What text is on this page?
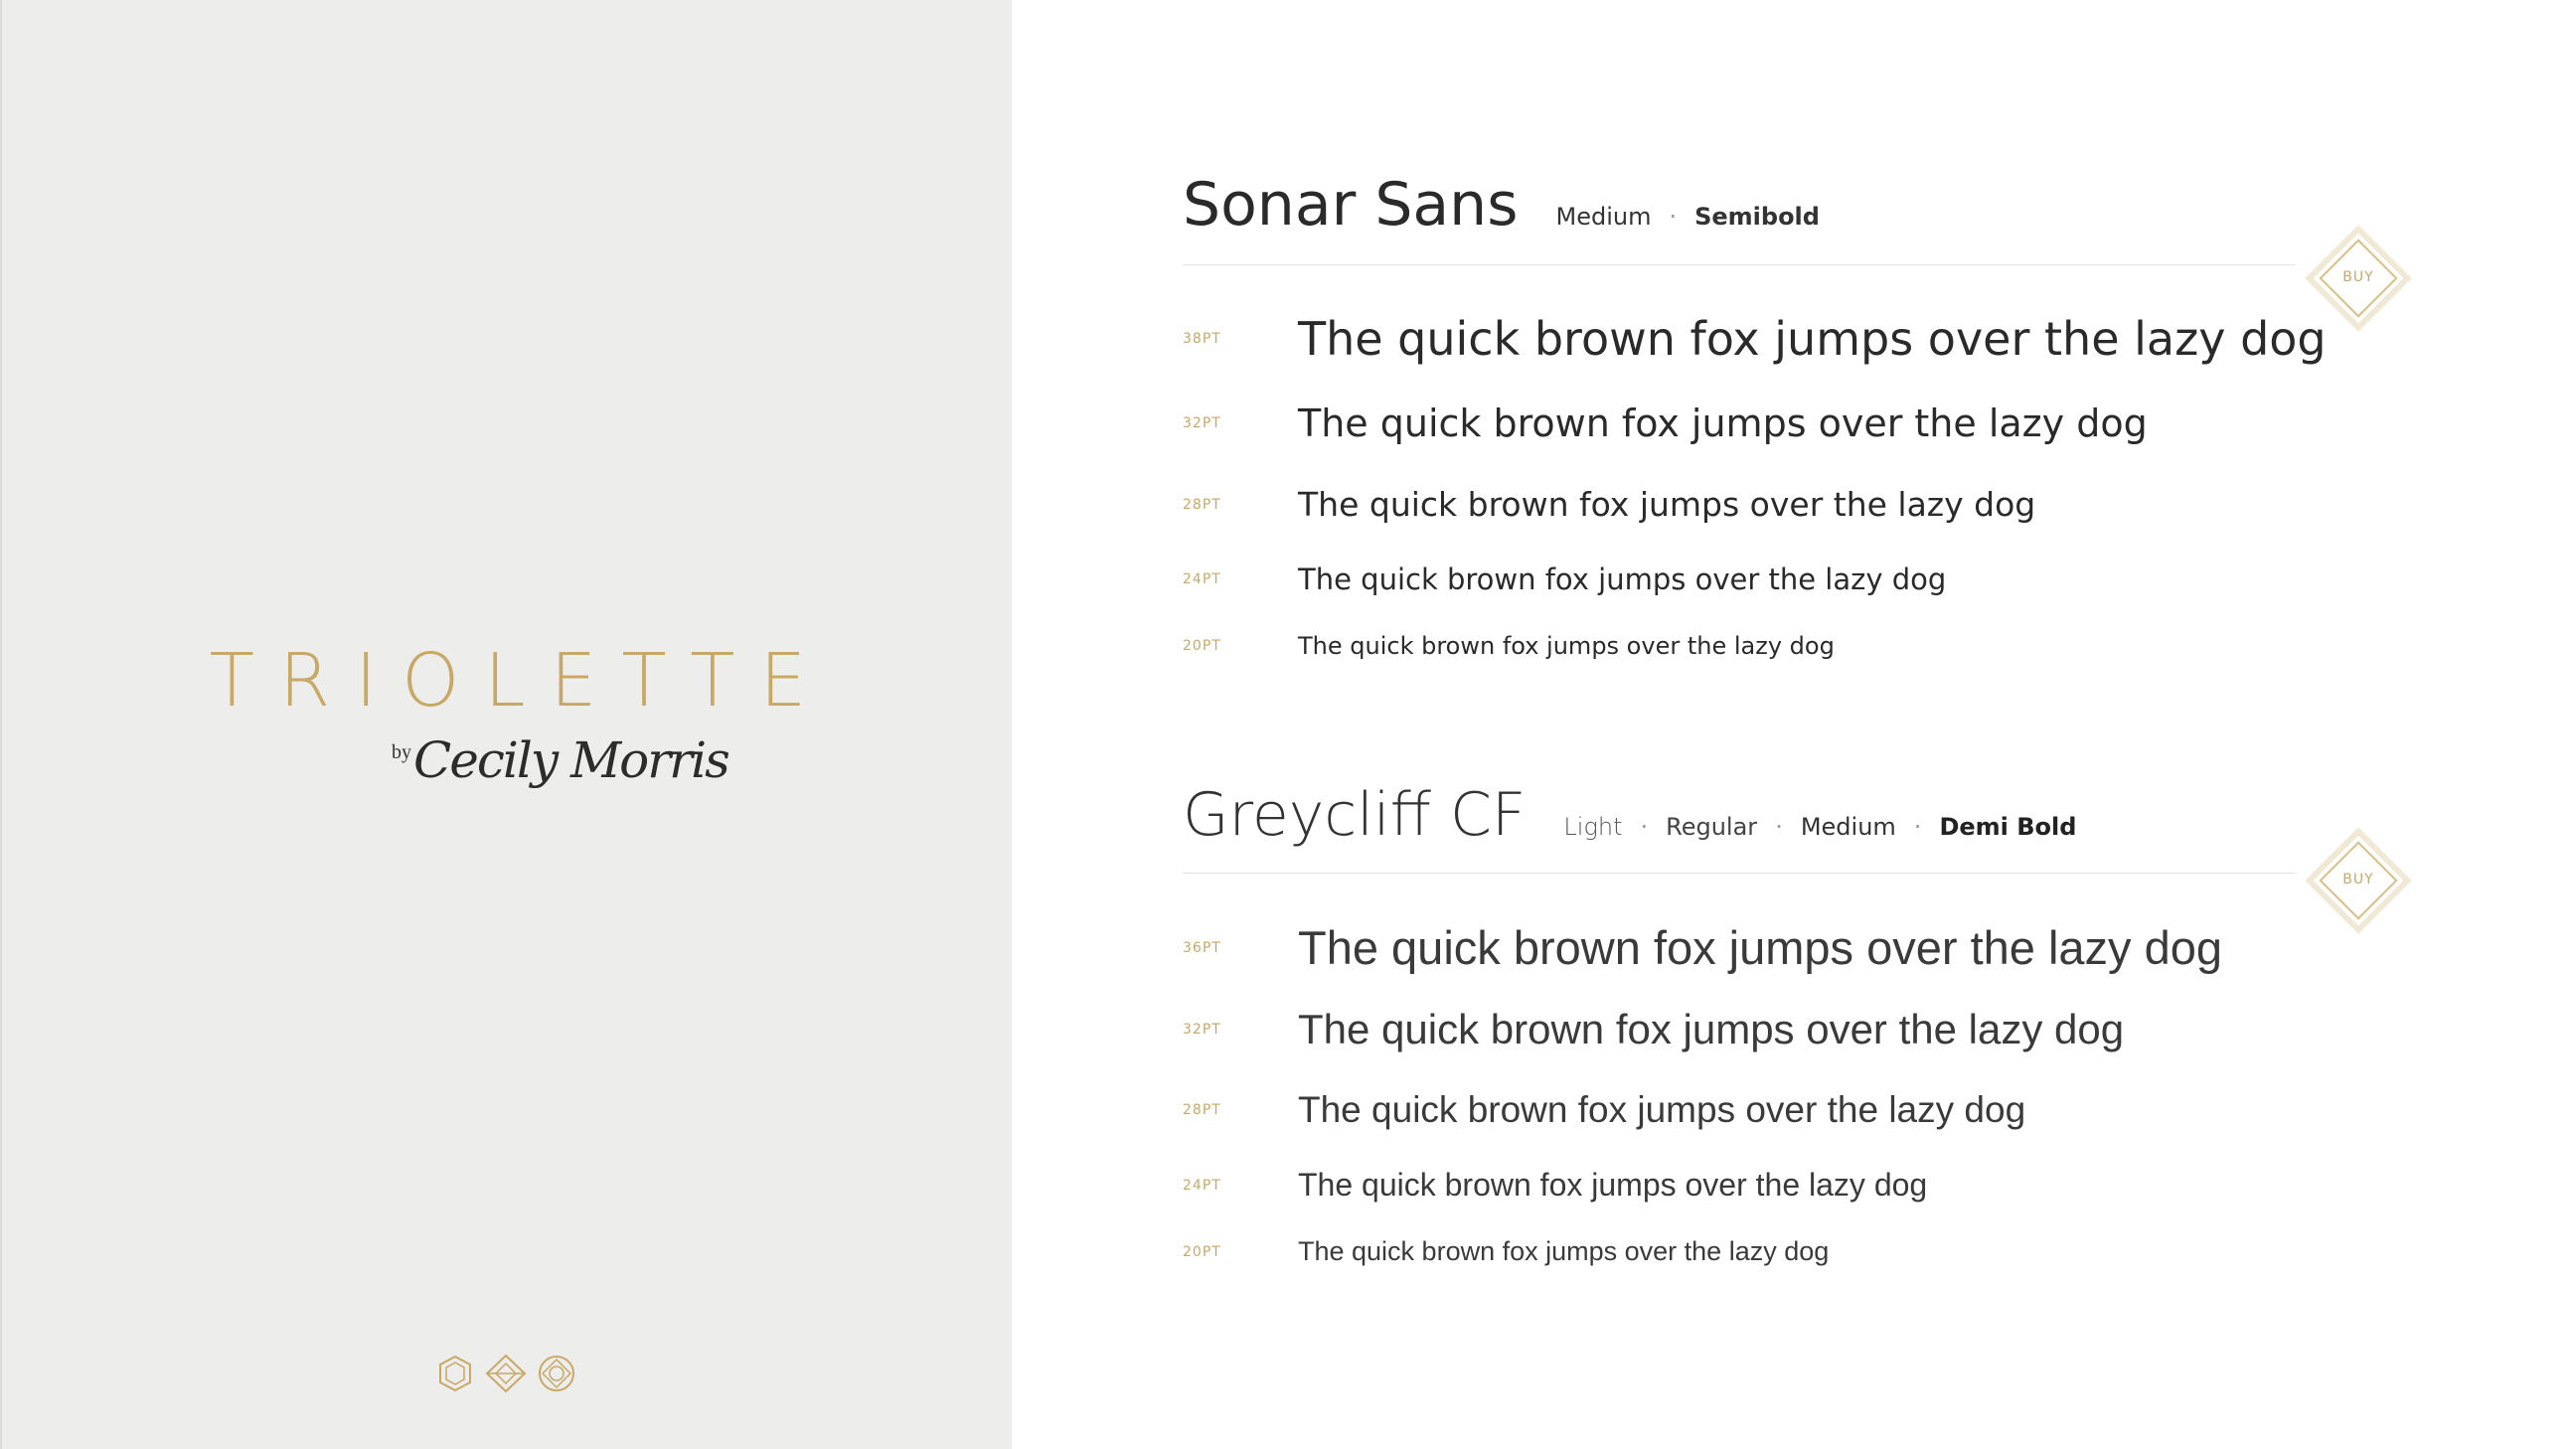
TRIOLETTE
by Cecily Morris
Sonar Sans Medium · Semibold
38PT	The quick brown fox jumps over the lazy dog
32PT	The quick brown fox jumps over the lazy dog
28PT	The quick brown fox jumps over the lazy dog
24PT	The quick brown fox jumps over the lazy dog
20PT	The quick brown fox jumps over the lazy dog
BUY
Greycliff CF Light · Regular · Medium · Demi Bold
36PT	The quick brown fox jumps over the lazy dog
32PT	The quick brown fox jumps over the lazy dog
28PT	The quick brown fox jumps over the lazy dog
24PT	The quick brown fox jumps over the lazy dog
20PT	The quick brown fox jumps over the lazy dog
BUY
